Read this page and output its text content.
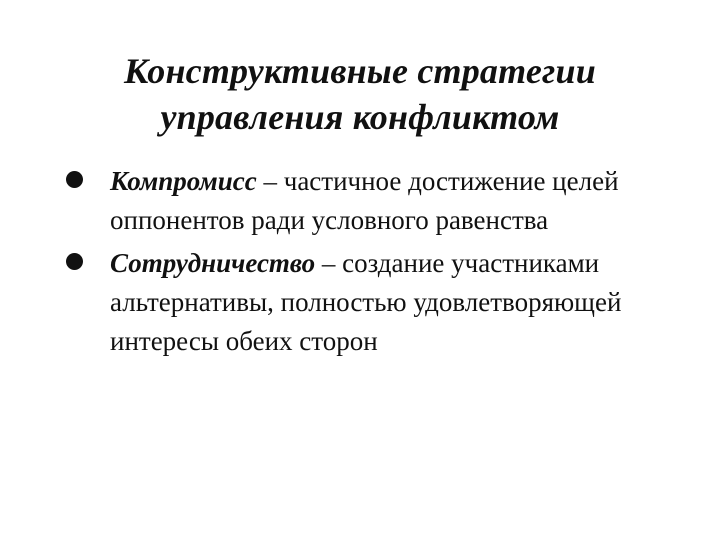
Конструктивные стратегии
управления конфликтом
Компромисс – частичное достижение целей оппонентов ради условного равенства
Сотрудничество – создание участниками альтернативы, полностью удовлетворяющей интересы обеих сторон
